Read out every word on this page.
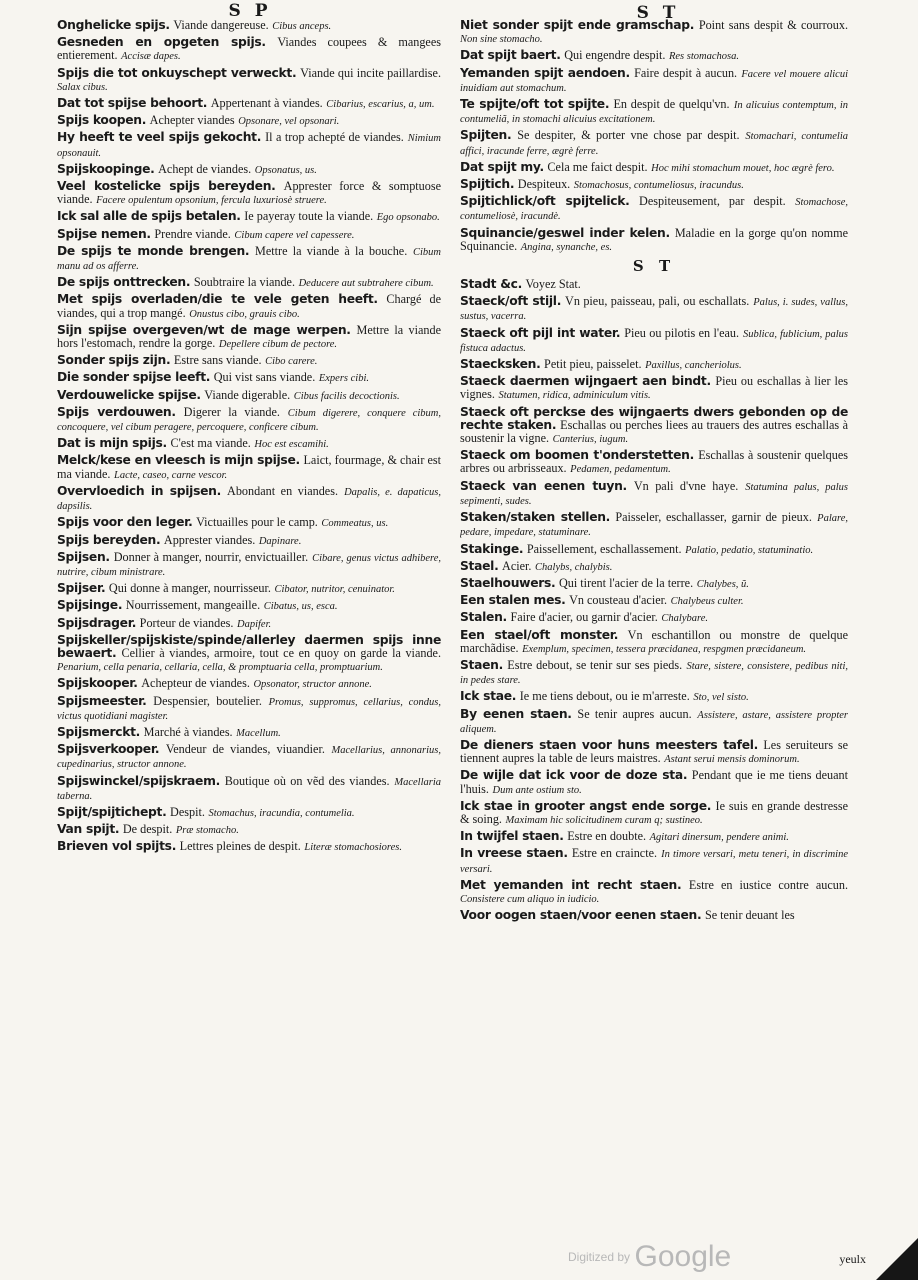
S P	S T
Onghelicke spijs. Viande dangereuse. Cibus anceps.
Gesneden en opgeten spijs. Viandes coupees & mangees entierement. Accisæ dapes.
Spijs die tot onkuyschept verweckt. Viande qui incite paillardise. Salax cibus.
Dat tot spijse behoort. Appertenant à viandes. Cibarius, escarius, a, um.
Spijs koopen. Achepter viandes Opsonare, vel opsonari.
Hy heeft te veel spijs gekocht. Il a trop achepté de viandes. Nimium opsonauit.
Spijskoopinge. Achept de viandes. Opsonatus, us.
Veel kostelicke spijs bereyden. Apprester force & somptuose viande. Facere opulentum opsonium, fercula luxuriosè struere.
Ick sal alle de spijs betalen. Ie payeray toute la viande. Ego opsonabo.
Spijse nemen. Prendre viande. Cibum capere vel capessere.
De spijs te monde brengen. Mettre la viande à la bouche. Cibum manu ad os afferre.
De spijs onttrecken. Soubtraire la viande. Deducere aut subtrahere cibum.
Met spijs overladen/die te vele geten heeft. Chargé de viandes, qui a trop mangé. Onustus cibo, grauis cibo.
Sijn spijse overgeven/wt de mage werpen. Mettre la viande hors l'estomach, rendre la gorge. Depellere cibum de pectore.
Sonder spijs zijn. Estre sans viande. Cibo carere.
Die sonder spijse leeft. Qui vist sans viande. Expers cibi.
Verdouwelicke spijse. Viande digerable. Cibus facilis decoctionis.
Spijs verdouwen. Digerer la viande. Cibum digerere, conquere cibum, concoquere, vel cibum peragere, percoquere, conficere cibum.
Dat is mijn spijs. C'est ma viande. Hoc est escamihi.
Melck/kese en vleesch is mijn spijse. Laict, fourmage, & chair est ma viande. Lacte, caseo, carne vescor.
Overvloedich in spijsen. Abondant en viandes. Dapalis, e. dapaticus, dapsilis.
Spijs voor den leger. Victuailles pour le camp. Commeatus, us.
Spijs bereyden. Apprester viandes. Dapinare.
Spijsen. Donner à manger, nourrir, envictuailler. Cibare, genus victus adhibere, nutrire, cibum ministrare.
Spijser. Qui donne à manger, nourrisseur. Cibator, nutritor, cenuinator.
Spijsinge. Nourrissement, mangeaille. Cibatus, us, esca.
Spijsdrager. Porteur de viandes. Dapifer.
Spijskeller/spijskiste/spinde/allerley daermen spijs inne bewaert. Cellier à viandes, armoire, tout ce en quoy on garde la viande. Penarium, cella penaria, cellaria, cella, & promptuaria cella, promptuarium.
Spijskooper. Achepteur de viandes. Opsonator, structor annone.
Spijsmeester. Despensier, boutelier. Promus, suppromus, cellarius, condus, victus quotidiani magister.
Spijsmerckt. Marché à viandes. Macellum.
Spijsverkooper. Vendeur de viandes, viuandier. Macellarius, annonarius, cupedinarius, structor annone.
Spijswinckel/spijskraem. Boutique où on vẽd des viandes. Macellaria taberna.
Spijt/spijtichept. Despit. Stomachus, iracundia, contumelia.
Van spijt. De despit. Præ stomacho.
Brieven vol spijts. Lettres pleines de despit. Literæ stomachosiores.
Niet sonder spijt ende gramschap. Point sans despit & courroux. Non sine stomacho.
Dat spijt baert. Qui engendre despit. Res stomachosa.
Yemanden spijt aendoen. Faire despit à aucun. Facere vel mouere alicui inuidiam aut stomachum.
Te spijte/oft tot spijte. En despit de quelqu'vn. In alicuius contemptum, in contumeliã, in stomachi alicuius excitationem.
Spijten. Se despiter, & porter vne chose par despit. Stomachari, contumelia affici, iracunde ferre, ægrè ferre.
Dat spijt my. Cela me faict despit. Hoc mihi stomachum mouet, hoc ægrè fero.
Spijtich. Despiteux. Stomachosus, contumeliosus, iracundus.
Spijtichlick/oft spijtelick. Despiteusement, par despit. Stomachose, contumeliosè, iracundè.
Squinancie/geswel inder kelen. Maladie en la gorge qu'on nomme Squinancie. Angina, synanche, es.
S T
Stadt &c. Voyez Stat.
Staeck/oft stijl. Vn pieu, paisseau, pali, ou eschallats. Palus, i. sudes, vallus, sustus, vacerra.
Staeck oft pijl int water. Pieu ou pilotis en l'eau. Sublica, fublicium, palus fistuca adactus.
Staecksken. Petit pieu, paisselet. Paxillus, cancheriolus.
Staeck daermen wijngaert aen bindt. Pieu ou eschallas à lier les vignes. Statumen, ridica, adminiculum vitis.
Staeck oft perckse des wijngaerts dwers gebonden op de rechte staken. Eschallas ou perches liees au trauers des autres eschallas à soustenir la vigne. Canterius, iugum.
Staeck om boomen t'onderstetten. Eschallas à soustenir quelques arbres ou arbrisseaux. Pedamen, pedamentum.
Staeck van eenen tuyn. Vn pali d'vne haye. Statumina palus, palus sepimenti, sudes.
Staken/staken stellen. Paisseler, eschallasser, garnir de pieux. Palare, pedare, impedare, statuminare.
Stakinge. Paissellement, eschallassement. Palatio, pedatio, statuminatio.
Stael. Acier. Chalybs, chalybis.
Staelhouwers. Qui tirent l'acier de la terre. Chalybes, ũ.
Een stalen mes. Vn cousteau d'acier. Chalybeus culter.
Stalen. Faire d'acier, ou garnir d'acier. Chalybare.
Een stael/oft monster. Vn eschantillon ou monstre de quelque marchãdise. Exemplum, specimen, tessera præcidanea, respgmen præcidaneum.
Staen. Estre debout, se tenir sur ses pieds. Stare, sistere, consistere, pedibus niti, in pedes stare.
Ick stae. Ie me tiens debout, ou ie m'arreste. Sto, vel sisto.
By eenen staen. Se tenir aupres aucun. Assistere, astare, assistere propter aliquem.
De dieners staen voor huns meesters tafel. Les seruiteurs se tiennent aupres la table de leurs maistres. Astant serui mensis dominorum.
De wijle dat ick voor de doze sta. Pendant que ie me tiens deuant l'huis. Dum ante ostium sto.
Ick stae in grooter angst ende sorge. Ie suis en grande destresse & soing. Maximam hic solicitudinem curam q; sustineo.
In twijfel staen. Estre en doubte. Agitari dinersum, pendere animi.
In vreese staen. Estre en craincte. In timore versari, metu teneri, in discrimine versari.
Met yemanden int recht staen. Estre en iustice contre aucun. Consistere cum aliquo in iudicio.
Voor oogen staen/voor eenen staen. Se tenir deuant les
yeulx
Digitized by Google
